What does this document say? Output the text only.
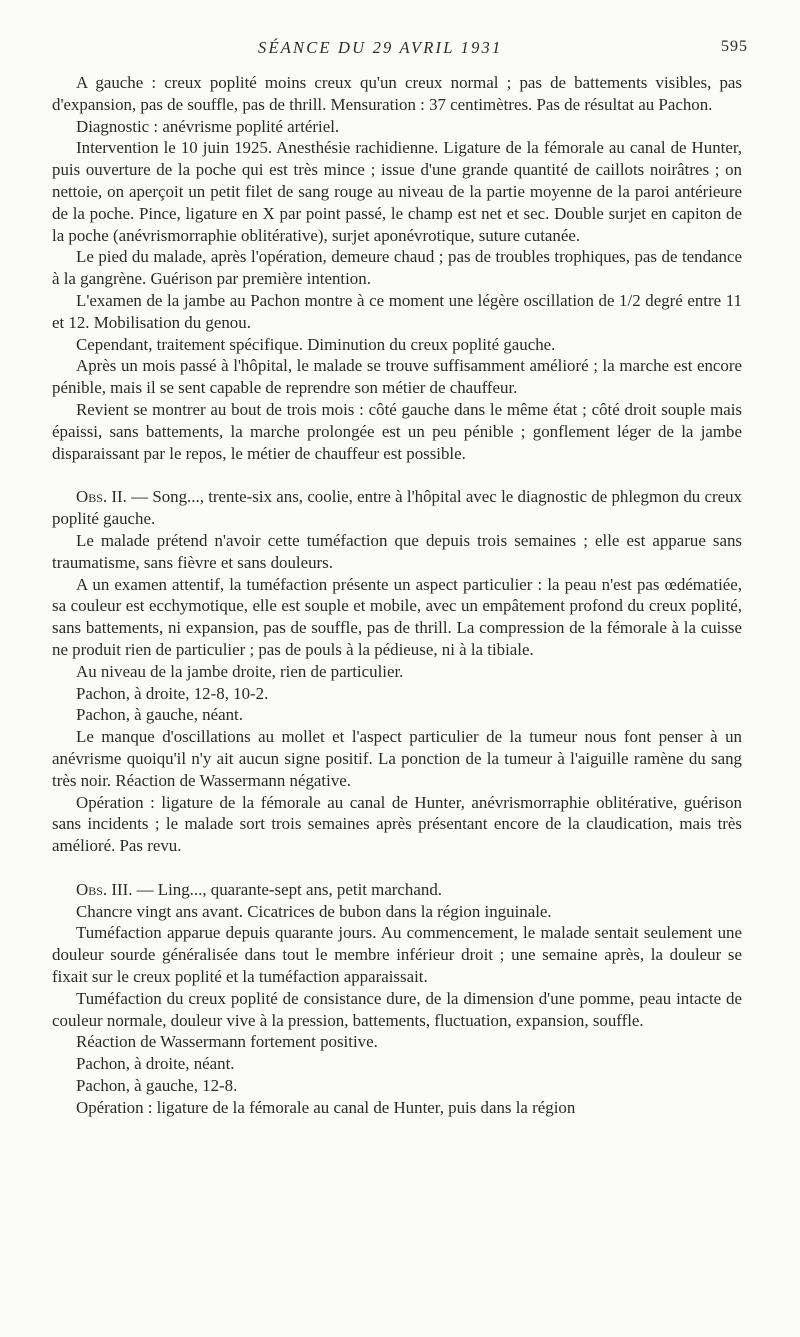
SÉANCE DU 29 AVRIL 1931	595

A gauche : creux poplité moins creux qu'un creux normal ; pas de battements visibles, pas d'expansion, pas de souffle, pas de thrill. Mensuration : 37 centimètres. Pas de résultat au Pachon.

Diagnostic : anévrisme poplité artériel.

Intervention le 10 juin 1925. Anesthésie rachidienne. Ligature de la fémorale au canal de Hunter, puis ouverture de la poche qui est très mince ; issue d'une grande quantité de caillots noirâtres ; on nettoie, on aperçoit un petit filet de sang rouge au niveau de la partie moyenne de la paroi antérieure de la poche. Pince, ligature en X par point passé, le champ est net et sec. Double surjet en capiton de la poche (anévrismorraphie oblitérative), surjet aponévrotique, suture cutanée.

Le pied du malade, après l'opération, demeure chaud ; pas de troubles trophiques, pas de tendance à la gangrène. Guérison par première intention.

L'examen de la jambe au Pachon montre à ce moment une légère oscillation de 1/2 degré entre 11 et 12. Mobilisation du genou.

Cependant, traitement spécifique. Diminution du creux poplité gauche.

Après un mois passé à l'hôpital, le malade se trouve suffisamment amélioré ; la marche est encore pénible, mais il se sent capable de reprendre son métier de chauffeur.

Revient se montrer au bout de trois mois : côté gauche dans le même état ; côté droit souple mais épaissi, sans battements, la marche prolongée est un peu pénible ; gonflement léger de la jambe disparaissant par le repos, le métier de chauffeur est possible.

Obs. II. — Song..., trente-six ans, coolie, entre à l'hôpital avec le diagnostic de phlegmon du creux poplité gauche.

Le malade prétend n'avoir cette tuméfaction que depuis trois semaines ; elle est apparue sans traumatisme, sans fièvre et sans douleurs.

A un examen attentif, la tuméfaction présente un aspect particulier : la peau n'est pas œdématiée, sa couleur est ecchymotique, elle est souple et mobile, avec un empâtement profond du creux poplité, sans battements, ni expansion, pas de souffle, pas de thrill. La compression de la fémorale à la cuisse ne produit rien de particulier ; pas de pouls à la pédieuse, ni à la tibiale.

Au niveau de la jambe droite, rien de particulier.

Pachon, à droite, 12-8, 10-2.

Pachon, à gauche, néant.

Le manque d'oscillations au mollet et l'aspect particulier de la tumeur nous font penser à un anévrisme quoiqu'il n'y ait aucun signe positif. La ponction de la tumeur à l'aiguille ramène du sang très noir. Réaction de Wassermann négative.

Opération : ligature de la fémorale au canal de Hunter, anévrismorraphie oblitérative, guérison sans incidents ; le malade sort trois semaines après présentant encore de la claudication, mais très amélioré. Pas revu.

Obs. III. — Ling..., quarante-sept ans, petit marchand.

Chancre vingt ans avant. Cicatrices de bubon dans la région inguinale.

Tuméfaction apparue depuis quarante jours. Au commencement, le malade sentait seulement une douleur sourde généralisée dans tout le membre inférieur droit ; une semaine après, la douleur se fixait sur le creux poplité et la tuméfaction apparaissait.

Tuméfaction du creux poplité de consistance dure, de la dimension d'une pomme, peau intacte de couleur normale, douleur vive à la pression, battements, fluctuation, expansion, souffle.

Réaction de Wassermann fortement positive.

Pachon, à droite, néant.

Pachon, à gauche, 12-8.

Opération : ligature de la fémorale au canal de Hunter, puis dans la région
